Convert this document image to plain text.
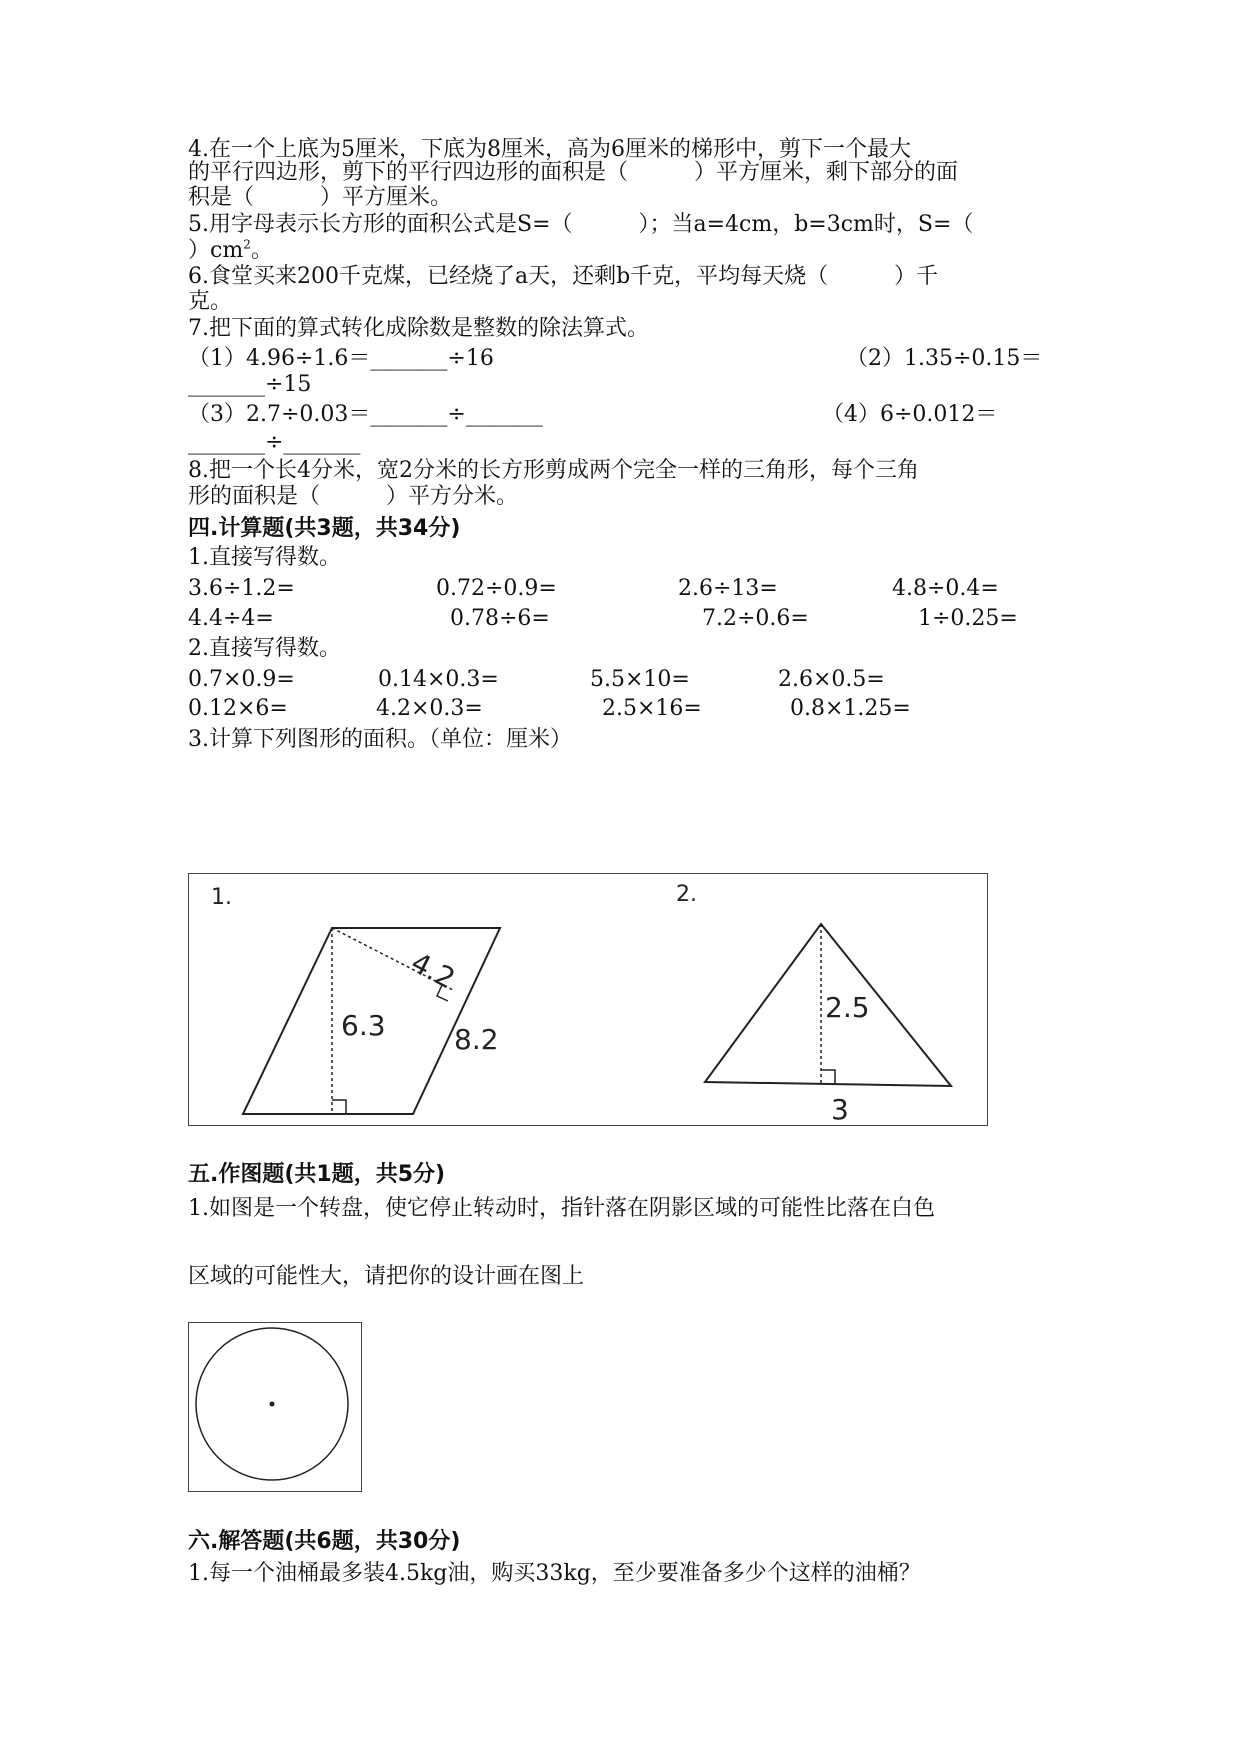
4.在一个上底为5厘米，下底为8厘米，高为6厘米的梯形中，剪下一个最大
的平行四边形，剪下的平行四边形的面积是（　　　）平方厘米，剩下部分的面
积是（　　　）平方厘米。
5.用字母表示长方形的面积公式是S=（　　　）；当a=4cm，b=3cm时，S=（
）$cm^2$。
6.食堂买来200千克煤，已经烧了a天，还剩b千克，平均每天烧（　　　）千
克。
7.把下面的算式转化成除数是整数的除法算式。
（1）4.96÷1.6＝_______÷16	（2）1.35÷0.15＝
_______÷15
（3）2.7÷0.03＝_______÷_______	（4）6÷0.012＝
_______÷_______
8.把一个长4分米，宽2分米的长方形剪成两个完全一样的三角形，每个三角
形的面积是（　　　）平方分米。
四.计算题(共3题，共34分)
1.直接写得数。
3.6÷1.2=	0.72÷0.9=	2.6÷13=	4.8÷0.4=
4.4÷4=	0.78÷6=	7.2÷0.6=	1÷0.25=
2.直接写得数。
0.7×0.9=	0.14×0.3=	5.5×10=	2.6×0.5=
0.12×6=	4.2×0.3=	2.5×16=	0.8×1.25=
3.计算下列图形的面积。（单位：厘米）
1.
6.3 8.2
4.2
2.
2.5
3
五.作图题(共1题，共5分)
1.如图是一个转盘，使它停止转动时，指针落在阴影区域的可能性比落在白色
区域的可能性大，请把你的设计画在图上
六.解答题(共6题，共30分)
1.每一个油桶最多装4.5kg油，购买33kg，至少要准备多少个这样的油桶？
